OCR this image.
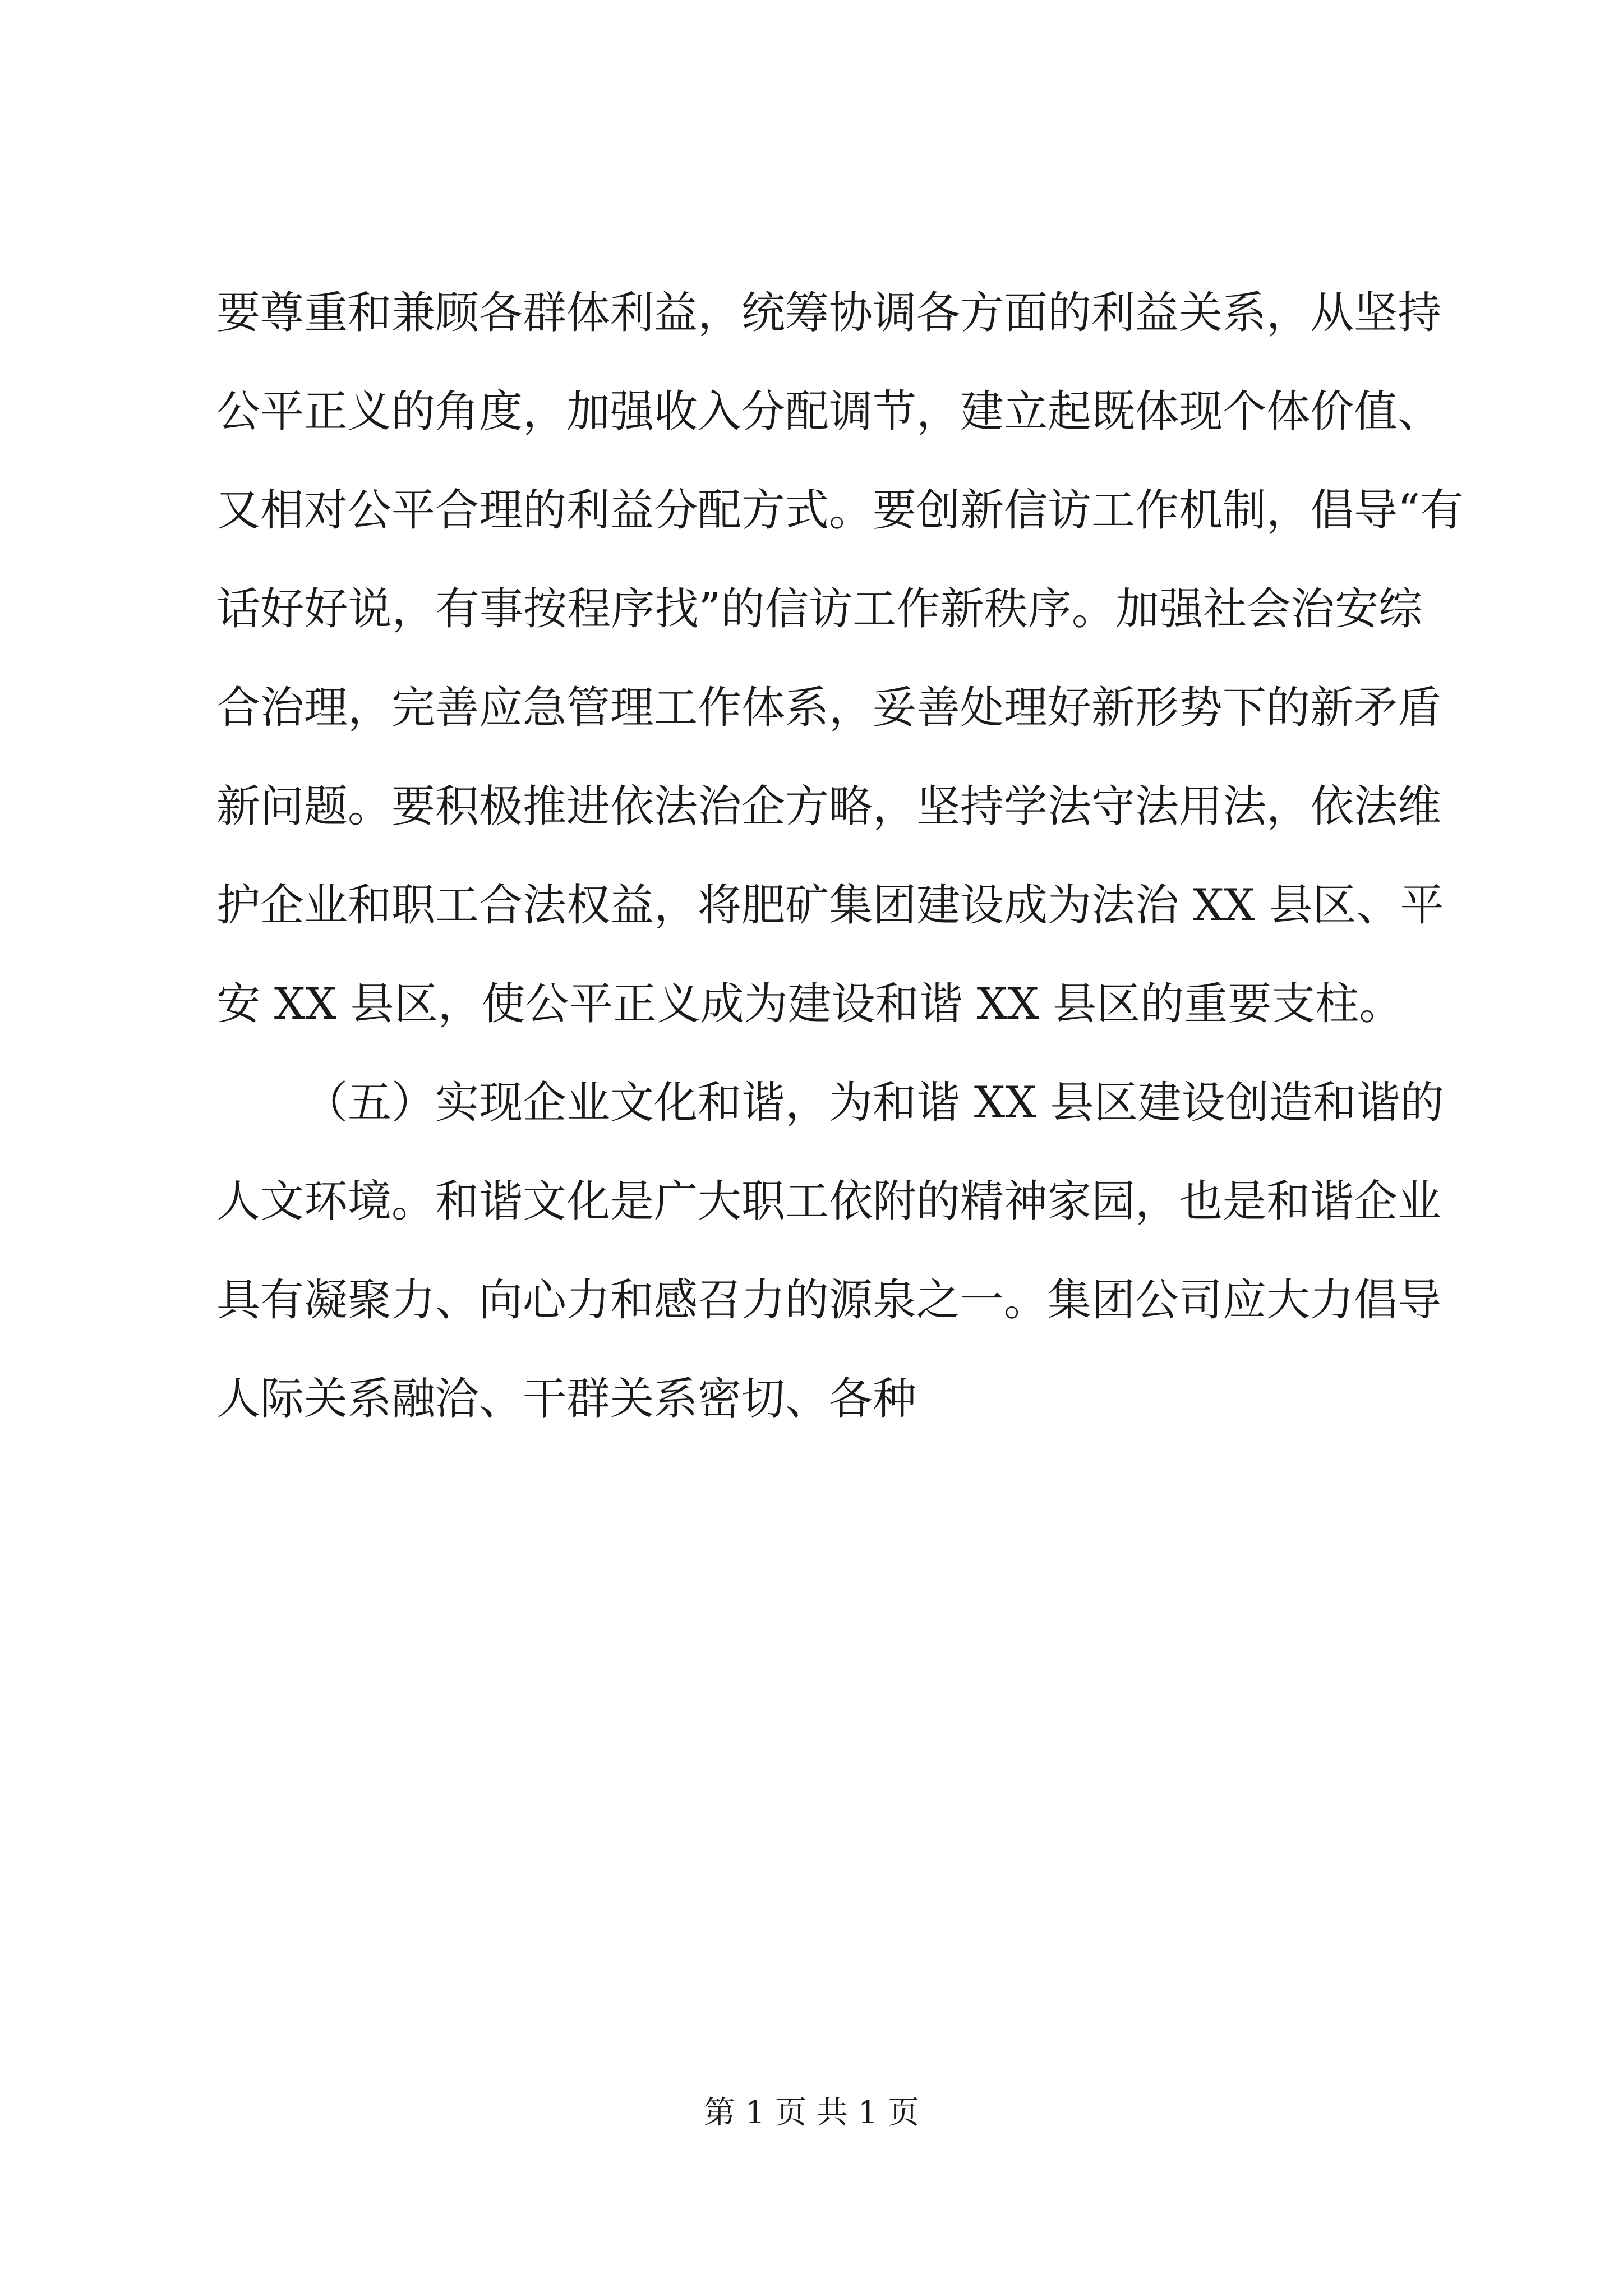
要尊重和兼顾各群体利益，统筹协调各方面的利益关系，从坚持
公平正义的角度，加强收入分配调节，建立起既体现个体价值、
又相对公平合理的利益分配方式。要创新信访工作机制，倡导“有
话好好说，有事按程序找”的信访工作新秩序。加强社会治安综
合治理，完善应急管理工作体系，妥善处理好新形势下的新矛盾
新问题。要积极推进依法治企方略，坚持学法守法用法，依法维
护企业和职工合法权益，将肥矿集团建设成为法治 XX 县区、平
安 XX 县区，使公平正义成为建设和谐 XX 县区的重要支柱。
（五）实现企业文化和谐，为和谐 XX 县区建设创造和谐的
人文环境。和谐文化是广大职工依附的精神家园，也是和谐企业
具有凝聚力、向心力和感召力的源泉之一。集团公司应大力倡导
人际关系融洽、干群关系密切、各种
第 1 页 共 1 页
